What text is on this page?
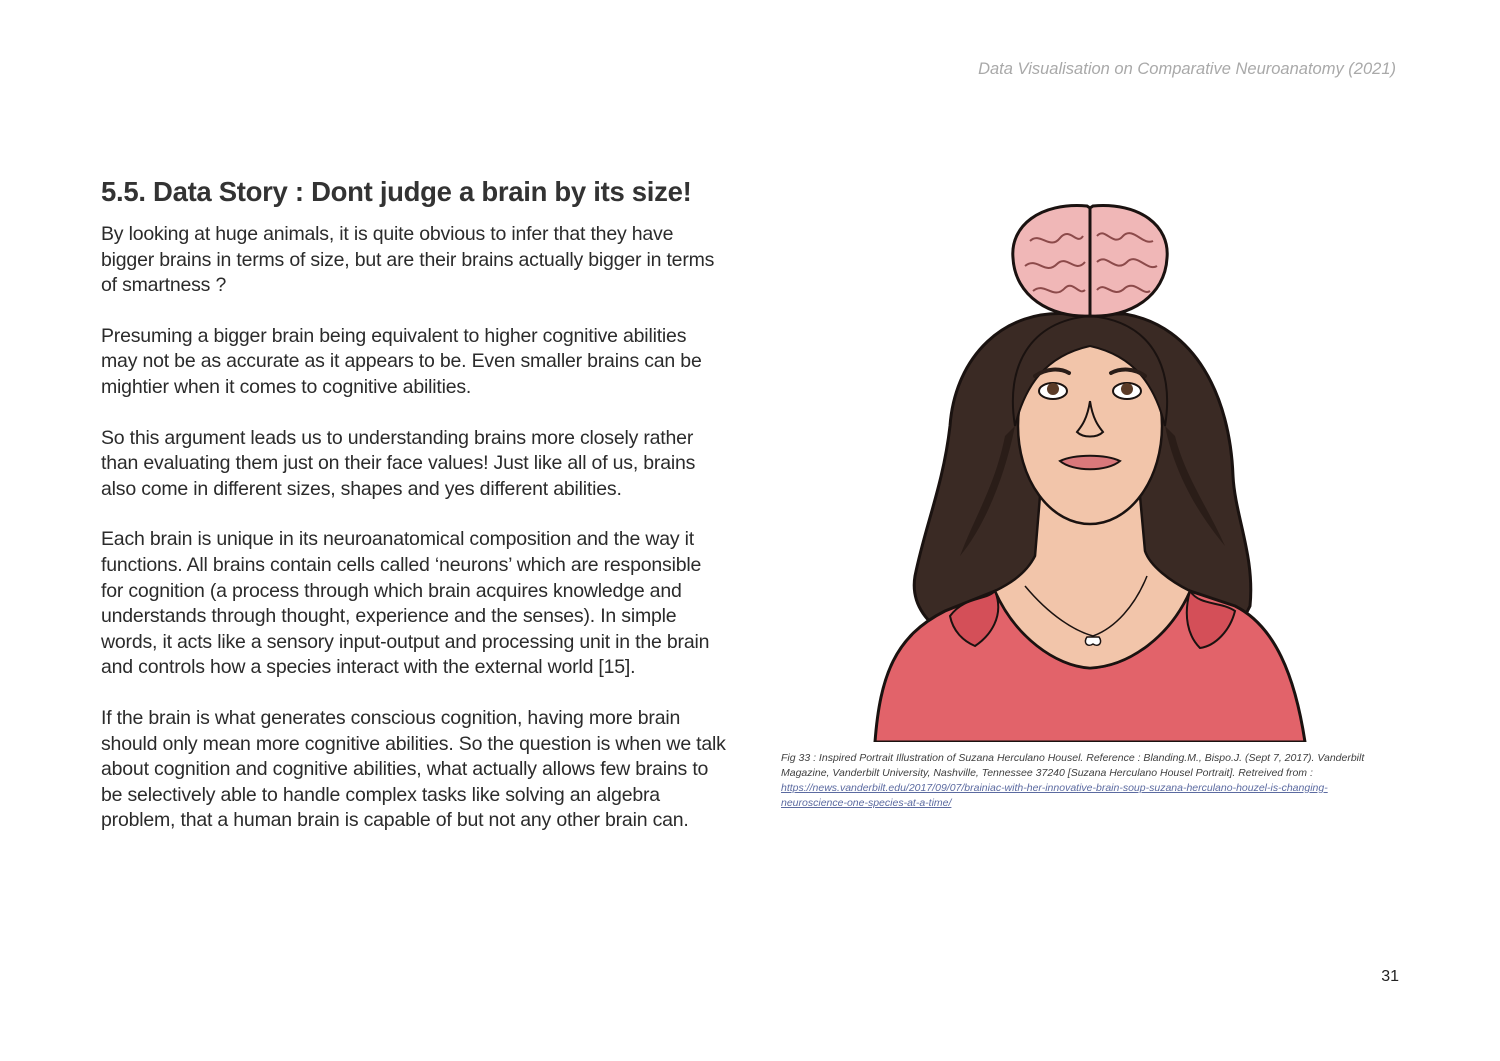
Data Visualisation on Comparative Neuroanatomy (2021)

5.5. Data Story : Dont judge a brain by its size!

By looking at huge animals, it is quite obvious to infer that they have bigger brains in terms of size, but are their brains actually bigger in terms of smartness ?

Presuming a bigger brain being equivalent to higher cognitive abilities may not be as accurate as it appears to be. Even smaller brains can be mightier when it comes to cognitive abilities.

So this argument leads us to understanding brains more closely rather than evaluating them just on their face values! Just like all of us, brains also come in different sizes, shapes and yes different abilities.

Each brain is unique in its neuroanatomical composition and the way it functions. All brains contain cells called ‘neurons’ which are responsible for cognition (a process through which brain acquires knowledge and understands through thought, experience and the senses). In simple words, it acts like a sensory input-output and processing unit in the brain and controls how a species interact with the external world [15].

If the brain is what generates conscious cognition, having more brain should only mean more cognitive abilities. So the question is when we talk about cognition and cognitive abilities, what actually allows few brains to be selectively able to handle complex tasks like solving an algebra problem, that a human brain is capable of but not any other brain can.

Fig 33 : Inspired Portrait Illustration of Suzana Herculano Housel. Reference : Blanding.M., Bispo.J. (Sept 7, 2017). Vanderbilt Magazine, Vanderbilt University, Nashville, Tennessee 37240 [Suzana Herculano Housel Portrait]. Retreived from : https://news.vanderbilt.edu/2017/09/07/brainiac-with-her-innovative-brain-soup-suzana-herculano-houzel-is-changing-neuroscience-one-species-at-a-time/

31
